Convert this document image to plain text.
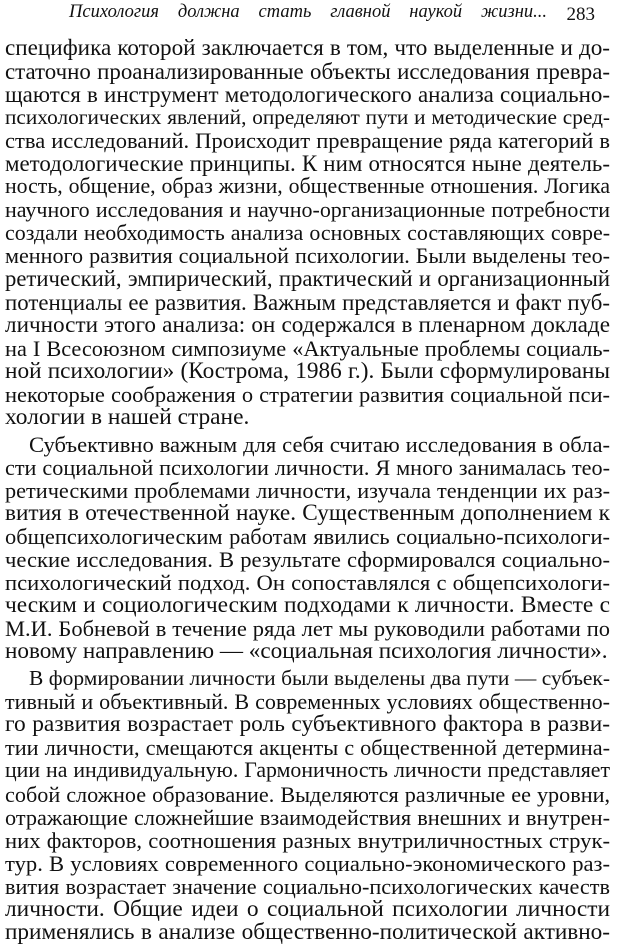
Психология должна стать главной наукой жизни... 283
специфика которой заключается в том, что выделенные и до-
статочно проанализированные объекты исследования превра-
щаются в инструмент методологического анализа социально-
психологических явлений, определяют пути и методические сред-
ства исследований. Происходит превращение ряда категорий в
методологические принципы. К ним относятся ныне деятель-
ность, общение, образ жизни, общественные отношения. Логика
научного исследования и научно-организационные потребности
создали необходимость анализа основных составляющих совре-
менного развития социальной психологии. Были выделены тео-
ретический, эмпирический, практический и организационный
потенциалы ее развития. Важным представляется и факт пуб-
личности этого анализа: он содержался в пленарном докладе
на I Всесоюзном симпозиуме «Актуальные проблемы социаль-
ной психологии» (Кострома, 1986 г.). Были сформулированы
некоторые соображения о стратегии развития социальной пси-
хологии в нашей стране.
Субъективно важным для себя считаю исследования в обла-
сти социальной психологии личности. Я много занималась тео-
ретическими проблемами личности, изучала тенденции их раз-
вития в отечественной науке. Существенным дополнением к
общепсихологическим работам явились социально-психологи-
ческие исследования. В результате сформировался социально-
психологический подход. Он сопоставлялся с общепсихологи-
ческим и социологическим подходами к личности. Вместе с
М.И. Бобневой в течение ряда лет мы руководили работами по
новому направлению — «социальная психология личности».
В формировании личности были выделены два пути — субъек-
тивный и объективный. В современных условиях общественно-
го развития возрастает роль субъективного фактора в разви-
тии личности, смещаются акценты с общественной детермина-
ции на индивидуальную. Гармоничность личности представляет
собой сложное образование. Выделяются различные ее уровни,
отражающие сложнейшие взаимодействия внешних и внутрен-
них факторов, соотношения разных внутриличностных струк-
тур. В условиях современного социально-экономического раз-
вития возрастает значение социально-психологических качеств
личности. Общие идеи о социальной психологии личности
применялись в анализе общественно-политической активно-
